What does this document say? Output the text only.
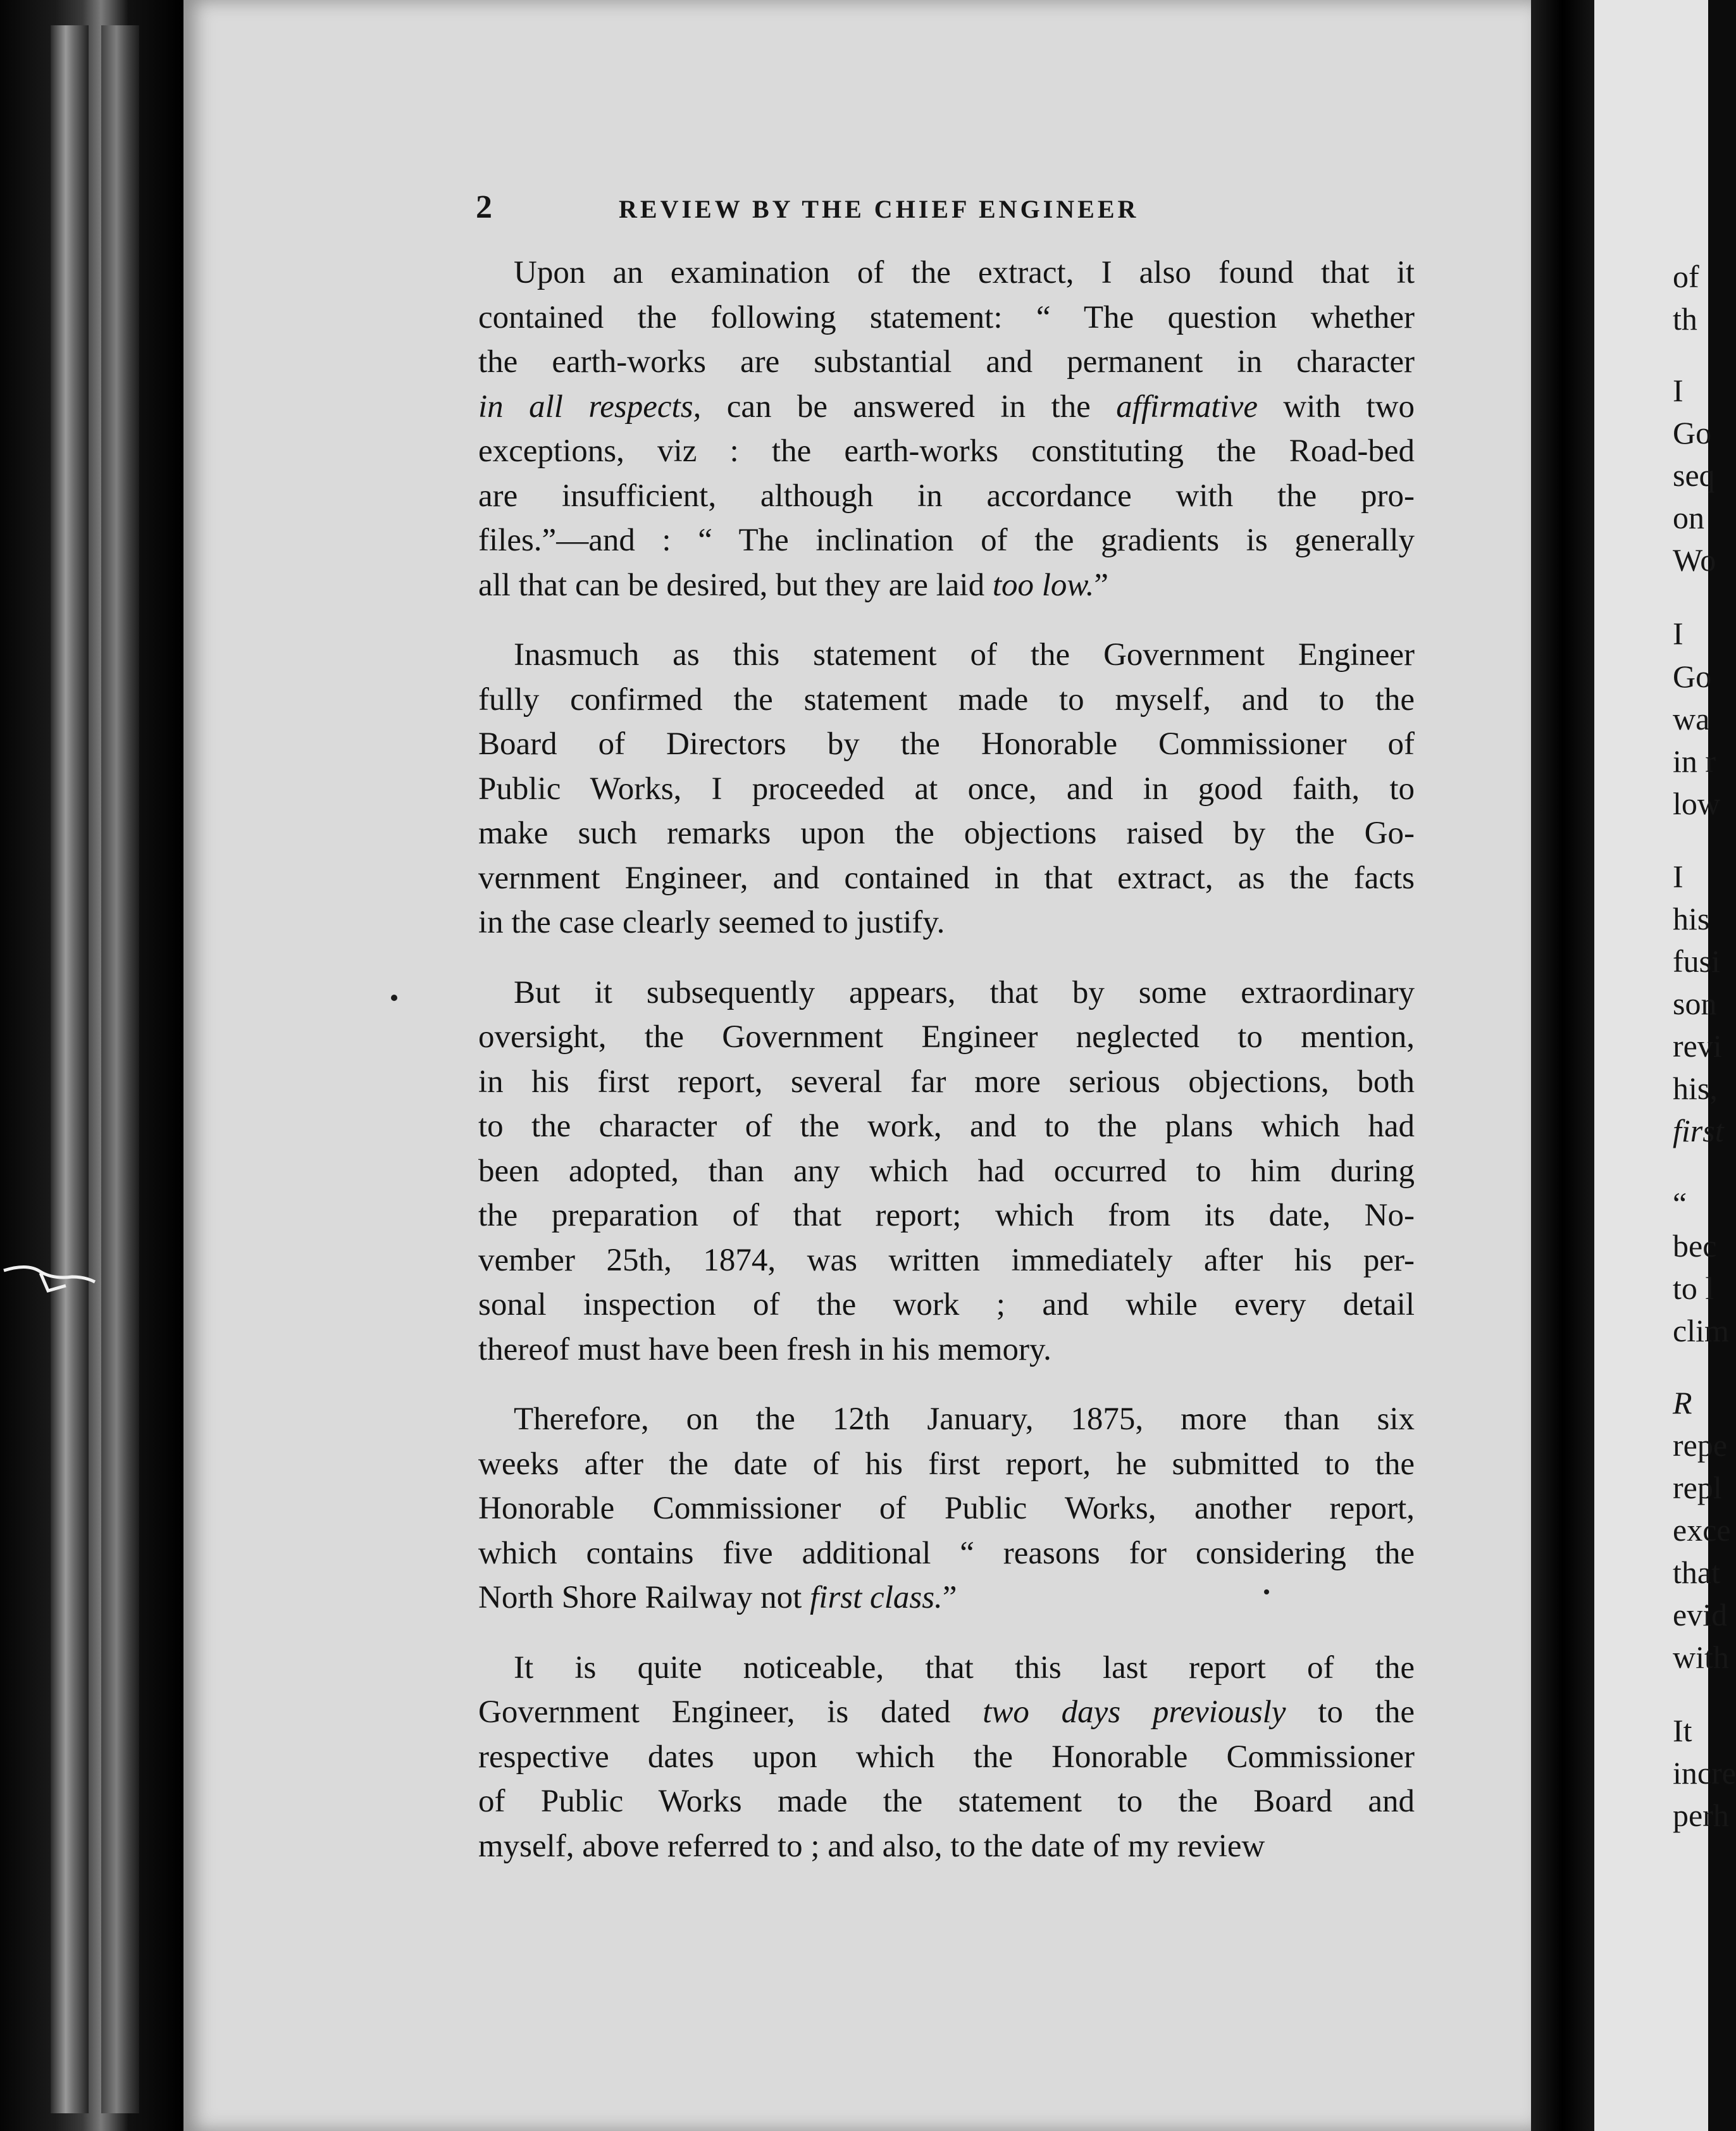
2	REVIEW BY THE CHIEF ENGINEER
Upon an examination of the extract, I also found that it
contained the following statement: “ The question whether
the earth-works are substantial and permanent in character
in all respects, can be answered in the affirmative with two
exceptions, viz : the earth-works constituting the Road-bed
are insufficient, although in accordance with the pro-
files.”—and : “ The inclination of the gradients is generally
all that can be desired, but they are laid too low.”
Inasmuch as this statement of the Government Engineer
fully confirmed the statement made to myself, and to the
Board of Directors by the Honorable Commissioner of
Public Works, I proceeded at once, and in good faith, to
make such remarks upon the objections raised by the Go-
vernment Engineer, and contained in that extract, as the facts
in the case clearly seemed to justify.
But it subsequently appears, that by some extraordinary
oversight, the Government Engineer neglected to mention,
in his first report, several far more serious objections, both
to the character of the work, and to the plans which had
been adopted, than any which had occurred to him during
the preparation of that report; which from its date, No-
vember 25th, 1874, was written immediately after his per-
sonal inspection of the work ; and while every detail
thereof must have been fresh in his memory.
Therefore, on the 12th January, 1875, more than six
weeks after the date of his first report, he submitted to the
Honorable Commissioner of Public Works, another report,
which contains five additional “ reasons for considering the
North Shore Railway not first class.”
It is quite noticeable, that this last report of the
Government Engineer, is dated two days previously to the
respective dates upon which the Honorable Commissioner
of Public Works made the statement to the Board and
myself, above referred to ; and also, to the date of my review
of
th
I
Go
seq
on
Wo
I
Go
wa
in r
low
I
his
fusi
son
revi
his,
first
“
bec
to l
clim
R
repe
repl
exce
that
evid
with
It
incre
perh
